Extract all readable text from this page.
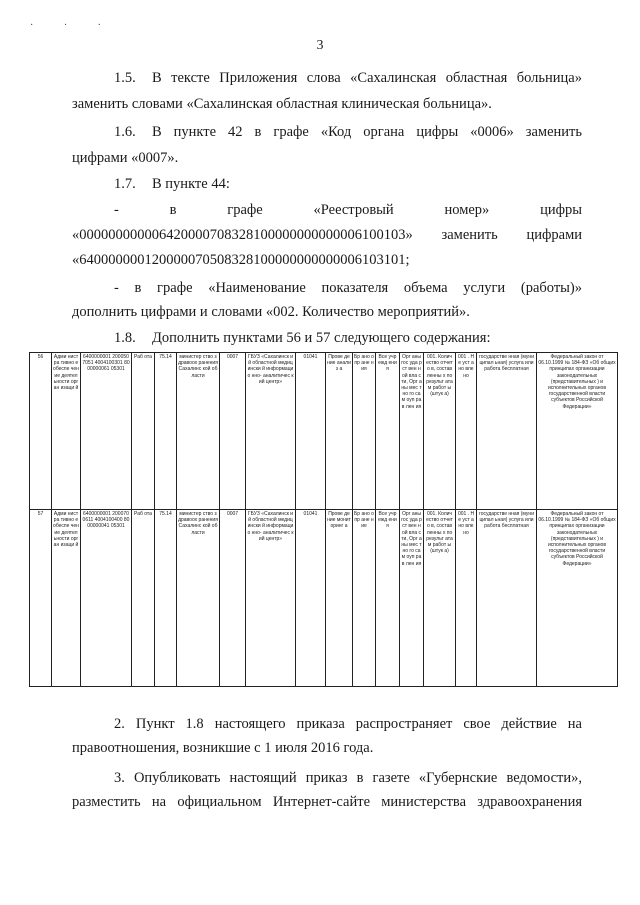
· · ·
3
1.5. В тексте Приложения слова «Сахалинская областная больница»
заменить словами «Сахалинская областная клиническая больница».
1.6. В пункте 42 в графе «Код органа цифры «0006» заменить
цифрами «0007».
1.7. В пункте 44:
- в графе «Реестровый номер» цифры
«000000000006420000708328100000000000006100103» заменить цифрами
«640000000120000070508328100000000000006103101;
- в графе «Наименование показателя объема услуги (работы)»
дополнить цифрами и словами «002. Количество мероприятий».
1.8. Дополнить пунктами 56 и 57 следующего содержания:
56	Адми нистра тивно е обеспе чение деятел ьности орган изаци й	6400000001 2000507051 4004100301 8000000061 05301	Раб ота	75.14	министер ство здравоох ранения Сахалинс кой области	0007	ГБУЗ «Сахалинск ий областной медицински й информацио нно- аналитичес кий центр»	01041	Прове дение анализ а	Бр ано опр ане ния	Все учр ежд ени я	Орг аны гос уда рст вен ной вла сти, Орг аны мес тно го сам оуп рав лен ия	001. Колич ество отчето в, состав ленны х по результ атам работ ы (штук а)	001 . Не уст ано вле но	государстве нная (муниципал ьная) услуга или работа бесплатная	Федеральный закон от 06.10.1999 № 184-ФЗ «Об общих принципах организации законодательных (представительных ) и исполнительных органов государственной власти субъектов Российской Федерации»
57	Адми нистра тивно е обеспе чение деятел ьности орган изаци й	6400000001 2000700611 4004100400 8000000041 05301	Раб ота	75.14	министер ство здравоох ранения Сахалинс кой области	0007	ГБУЗ «Сахалинск ий областной медицински й информацио нно- аналитичес кий центр»	01041	Прове дение монит оринг а	Бр ано опр ане ние	Все учр ежд ени я	Орг аны гос уда рст вен ной вла сти, Орг аны мес тно го сам оуп рав лен ия	001. Колич ество отчето в, состав ленны х по результ атам работ ы (штук а)	001 . Не уст ано вле но	государстве нная (муниципал ьная) услуга или работа бесплатная	Федеральный закон от 06.10.1999 № 184-ФЗ «Об общих принципах организации законодательных (представительных ) и исполнительных органов государственной власти субъектов Российской Федерации»
2. Пункт 1.8 настоящего приказа распространяет свое действие на
правоотношения, возникшие с 1 июля 2016 года.
3. Опубликовать настоящий приказ в газете «Губернские ведомости»,
разместить на официальном Интернет-сайте министерства здравоохранения
